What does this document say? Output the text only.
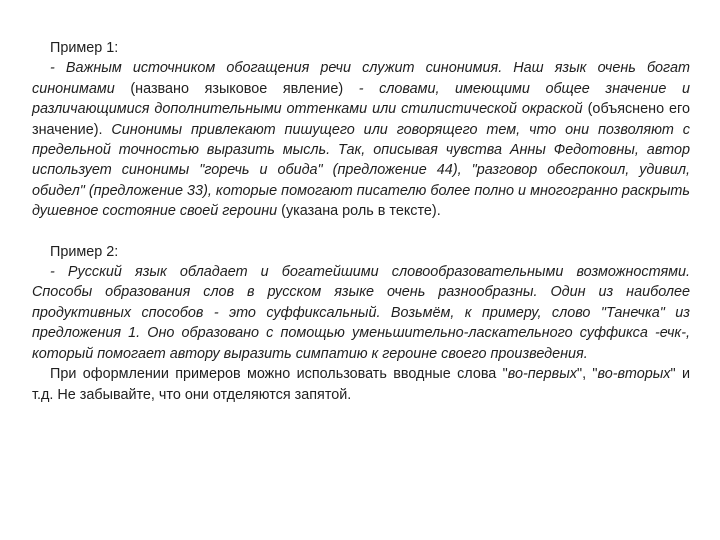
Пример 1:
- Важным источником обогащения речи служит синонимия. Наш язык очень богат синонимами (названо языковое явление) - словами, имеющими общее значение и различающимися дополнительными оттенками или стилистической окраской (объяснено его значение). Синонимы привлекают пишущего или говорящего тем, что они позволяют с предельной точностью выразить мысль. Так, описывая чувства Анны Федотовны, автор использует синонимы "горечь и обида" (предложение 44), "разговор обеспокоил, удивил, обидел" (предложение 33), которые помогают писателю более полно и многогранно раскрыть душевное состояние своей героини (указана роль в тексте).
Пример 2:
- Русский язык обладает и богатейшими словообразовательными возможностями. Способы образования слов в русском языке очень разнообразны. Один из наиболее продуктивных способов - это суффиксальный. Возьмём, к примеру, слово "Танечка" из предложения 1. Оно образовано с помощью уменьшительно-ласкательного суффикса -ечк-, который помогает автору выразить симпатию к героине своего произведения.
При оформлении примеров можно использовать вводные слова "во-первых", "во-вторых" и т.д. Не забывайте, что они отделяются запятой.
